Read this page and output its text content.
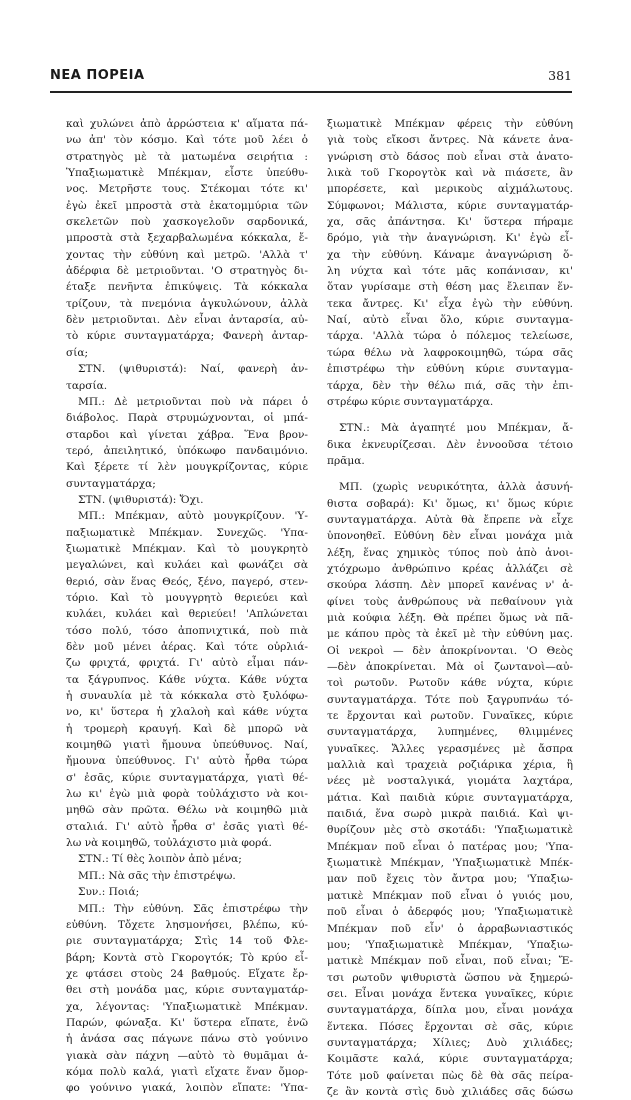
ΝΕΑ ΠΟΡΕΙΑ	381
καὶ χυλώνει ἀπὸ ἀρρώστεια κ' αἵματα πά-
νω ἀπ' τὸν κόσμο. Καὶ τότε μοῦ λέει ὁ
στρατηγὸς μὲ τὰ ματωμένα σειρήτια :
Ὑπαξιωματικὲ Μπέκμαν, εἶστε ὑπεύθυ-
νος. Μετρῆστε τους. Στέκομαι τότε κι'
ἐγὼ ἐκεῖ μπροστὰ στὰ ἑκατομμύρια τῶν
σκελετῶν ποὺ χασκογελοῦν σαρδονικά,
μπροστὰ στὰ ξεχαρβαλωμένα κόκκαλα, ἔ-
χοντας τὴν εὐθύνη καὶ μετρῶ. 'Αλλὰ τ'
ἀδέρφια δὲ μετριοῦνται. 'Ο στρατηγὸς δι-
έταξε πενῆντα ἐπικύψεις. Τὰ κόκκαλα
τρίζουν, τὰ πνεμόνια ἀγκυλώνουν, ἀλλὰ
δὲν μετριοῦνται. Δὲν εἶναι ἀνταρσία, αὐ-
τὸ κύριε συνταγματάρχα; Φανερὴ ἀνταρ-
σία;
ΣΤΝ. (ψιθυριστά): Ναί, φανερὴ ἀν-
ταρσία.
ΜΠ.: Δὲ μετριοῦνται ποὺ νὰ πάρει ὁ
διάβολος. Παρὰ στρυμώχνονται, οἱ μπά-
σταρδοι καὶ γίνεται χάβρα. Ἕνα βρον-
τερό, ἀπειλητικό, ὑπόκωφο πανδαιμόνιο.
Καὶ ξέρετε τί λὲν μουγκρίζοντας, κύριε
συνταγματάρχα;
ΣΤΝ. (ψιθυριστά): Ὄχι.
ΜΠ.: Μπέκμαν, αὐτὸ μουγκρίζουν. 'Υ-
παξιωματικὲ Μπέκμαν. Συνεχῶς. 'Υπα-
ξιωματικὲ Μπέκμαν. Καὶ τὸ μουγκρητὸ
μεγαλώνει, καὶ κυλάει καὶ φωνάζει σὰ
θεριό, σὰν ἕνας Θεός, ξένο, παγερό, στεν-
τόριο. Καὶ τὸ μουγγρητὸ θεριεύει καὶ
κυλάει, κυλάει καὶ θεριεύει! 'Απλώνεται
τόσο πολύ, τόσο ἀποπνιχτικά, ποὺ πιὰ
δὲν μοῦ μένει ἀέρας. Καὶ τότε οὐρλιά-
ζω φριχτά, φριχτά. Γι' αὐτὸ εἶμαι πάν-
τα ξάγρυπνος. Κάθε νύχτα. Κάθε νύχτα
ἡ συναυλία μὲ τὰ κόκκαλα στὸ ξυλόφω-
νο, κι' ὕστερα ἡ χλαλοὴ καὶ κάθε νύχτα
ἡ τρομερὴ κραυγή. Καὶ δὲ μπορῶ νὰ
κοιμηθῶ γιατὶ ἤμουνα ὑπεύθυνος. Ναί,
ἤμουνα ὑπεύθυνος. Γι' αὐτὸ ἦρθα τώρα
σ' ἐσᾶς, κύριε συνταγματάρχα, γιατὶ θέ-
λω κι' ἐγὼ μιὰ φορὰ τοὐλάχιστο νὰ κοι-
μηθῶ σὰν πρῶτα. Θέλω νὰ κοιμηθῶ μιὰ
σταλιά. Γι' αὐτὸ ἦρθα σ' ἐσᾶς γιατὶ θέ-
λω νὰ κοιμηθῶ, τοὐλάχιστο μιὰ φορά.
ΣΤΝ.: Τί θὲς λοιπὸν ἀπὸ μένα;
ΜΠ.: Νὰ σᾶς τὴν ἐπιστρέψω.
Συν.: Ποιά;
ΜΠ.: Τὴν εὐθύνη. Σᾶς ἐπιστρέφω τὴν
εὐθύνη. Τὄχετε λησμονήσει, βλέπω, κύ-
ριε συνταγματάρχα; Στὶς 14 τοῦ Φλε-
βάρη; Κοντὰ στὸ Γκορογτόκ; Τὸ κρύο εἶ-
χε φτάσει στοὺς 24 βαθμούς. Εἴχατε ἔρ-
θει στὴ μονάδα μας, κύριε συνταγματάρ-
χα, λέγοντας: 'Υπαξιωματικὲ Μπέκμαν.
Παρών, φώναξα. Κι' ὕστερα εἴπατε, ἐνῶ
ἡ ἀνάσα σας πάγωνε πάνω στὸ γούνινο
γιακὰ σὰν πάχνη —αὐτὸ τὸ θυμᾶμαι ἀ-
κόμα πολὺ καλά, γιατὶ εἴχατε ἕναν ὄμορ-
φο γούνινο γιακά, λοιπὸν εἴπατε: 'Υπα-
ξιωματικὲ Μπέκμαν φέρεις τὴν εὐθύνη
γιὰ τοὺς εἴκοσι ἄντρες. Νὰ κάνετε ἀνα-
γνώριση στὸ δάσος ποὺ εἶναι στὰ ἀνατο-
λικὰ τοῦ Γκορογτὸκ καὶ νὰ πιάσετε, ἂν
μπορέσετε, καὶ μερικοὺς αἰχμάλωτους.
Σύμφωνοι; Μάλιστα, κύριε συνταγματάρ-
χα, σᾶς ἀπάντησα. Κι' ὕστερα πήραμε
δρόμο, γιὰ τὴν ἀναγνώριση. Κι' ἐγὼ εἶ-
χα τὴν εὐθύνη. Κάναμε ἀναγνώριση ὅ-
λη νύχτα καὶ τότε μᾶς κοπάνισαν, κι'
ὅταν γυρίσαμε στὴ θέση μας ἔλειπαν ἕν-
τεκα ἄντρες. Κι' εἶχα ἐγὼ τὴν εὐθύνη.
Ναί, αὐτὸ εἶναι ὅλο, κύριε συνταγμα-
τάρχα. 'Αλλὰ τώρα ὁ πόλεμος τελείωσε,
τώρα θέλω νὰ λαφροκοιμηθῶ, τώρα σᾶς
ἐπιστρέφω τὴν εὐθύνη κύριε συνταγμα-
τάρχα, δὲν τὴν θέλω πιά, σᾶς τὴν ἐπι-
στρέφω κύριε συνταγματάρχα.
ΣΤΝ.: Μὰ ἀγαπητέ μου Μπέκμαν, ἄ-
δικα ἐκνευρίζεσαι. Δὲν ἐννοοῦσα τέτοιο
πρᾶμα.
ΜΠ. (χωρὶς νευρικότητα, ἀλλὰ ἀσυνή-
θιστα σοβαρά): Κι' ὅμως, κι' ὅμως κύριε
συνταγματάρχα. Αὐτὰ θὰ ἔπρεπε νὰ εἶχε
ὑπονοηθεῖ. Εὐθύνη δὲν εἶναι μονάχα μιὰ
λέξη, ἕνας χημικὸς τύπος ποὺ ἀπὸ ἀνοι-
χτόχρωμο ἀνθρώπινο κρέας ἀλλάζει σὲ
σκούρα λάσπη. Δὲν μπορεῖ κανένας ν' ἀ-
φίνει τοὺς ἀνθρώπους νὰ πεθαίνουν γιὰ
μιὰ κούφια λέξη. Θὰ πρέπει ὅμως νὰ πᾶ-
με κάπου πρὸς τὰ ἐκεῖ μὲ τὴν εὐθύνη μας.
Οἱ νεκροὶ — δὲν ἀποκρίνονται. 'Ο Θεὸς
—δὲν ἀποκρίνεται. Μὰ οἱ ζωντανοὶ—αὐ-
τοὶ ρωτοῦν. Ρωτοῦν κάθε νύχτα, κύριε
συνταγματάρχα. Τότε ποὺ ξαγρυπνάω τό-
τε ἔρχονται καὶ ρωτοῦν. Γυναῖκες, κύριε
συνταγματάρχα, λυπημένες, θλιμμένες
γυναῖκες. Ἄλλες γερασμένες μὲ ἄσπρα
μαλλιὰ καὶ τραχειὰ ροζιάρικα χέρια, ἢ
νέες μὲ νοσταλγικά, γιομάτα λαχτάρα,
μάτια. Καὶ παιδιὰ κύριε συνταγματάρχα,
παιδιά, ἕνα σωρὸ μικρὰ παιδιά. Καὶ ψι-
θυρίζουν μὲς στὸ σκοτάδι: 'Υπαξιωματικὲ
Μπέκμαν ποῦ εἶναι ὁ πατέρας μου; 'Υπα-
ξιωματικὲ Μπέκμαν, 'Υπαξιωματικὲ Μπέκ-
μαν ποῦ ἔχεις τὸν ἄντρα μου; 'Υπαξιω-
ματικὲ Μπέκμαν ποῦ εἶναι ὁ γυιός μου,
ποῦ εἶναι ὁ ἀδερφός μου; 'Υπαξιωματικὲ
Μπέκμαν ποῦ εἶν' ὁ ἀρραβωνιαστικός
μου; 'Υπαξιωματικὲ Μπέκμαν, 'Υπαξιω-
ματικὲ Μπέκμαν ποῦ εἶναι, ποῦ εἶναι; Ἔ-
τσι ρωτοῦν ψιθυριστὰ ὥσπου νὰ ξημερώ-
σει. Εἶναι μονάχα ἕντεκα γυναῖκες, κύριε
συνταγματάρχα, δίπλα μου, εἶναι μονάχα
ἕντεκα. Πόσες ἔρχονται σὲ σᾶς, κύριε
συνταγματάρχα; Χίλιες; Δυὸ χιλιάδες;
Κοιμᾶστε καλά, κύριε συνταγματάρχα;
Τότε μοῦ φαίνεται πὼς δὲ θὰ σᾶς πείρα-
ζε ἂν κοντὰ στὶς δυὸ χιλιάδες σᾶς δώσω
